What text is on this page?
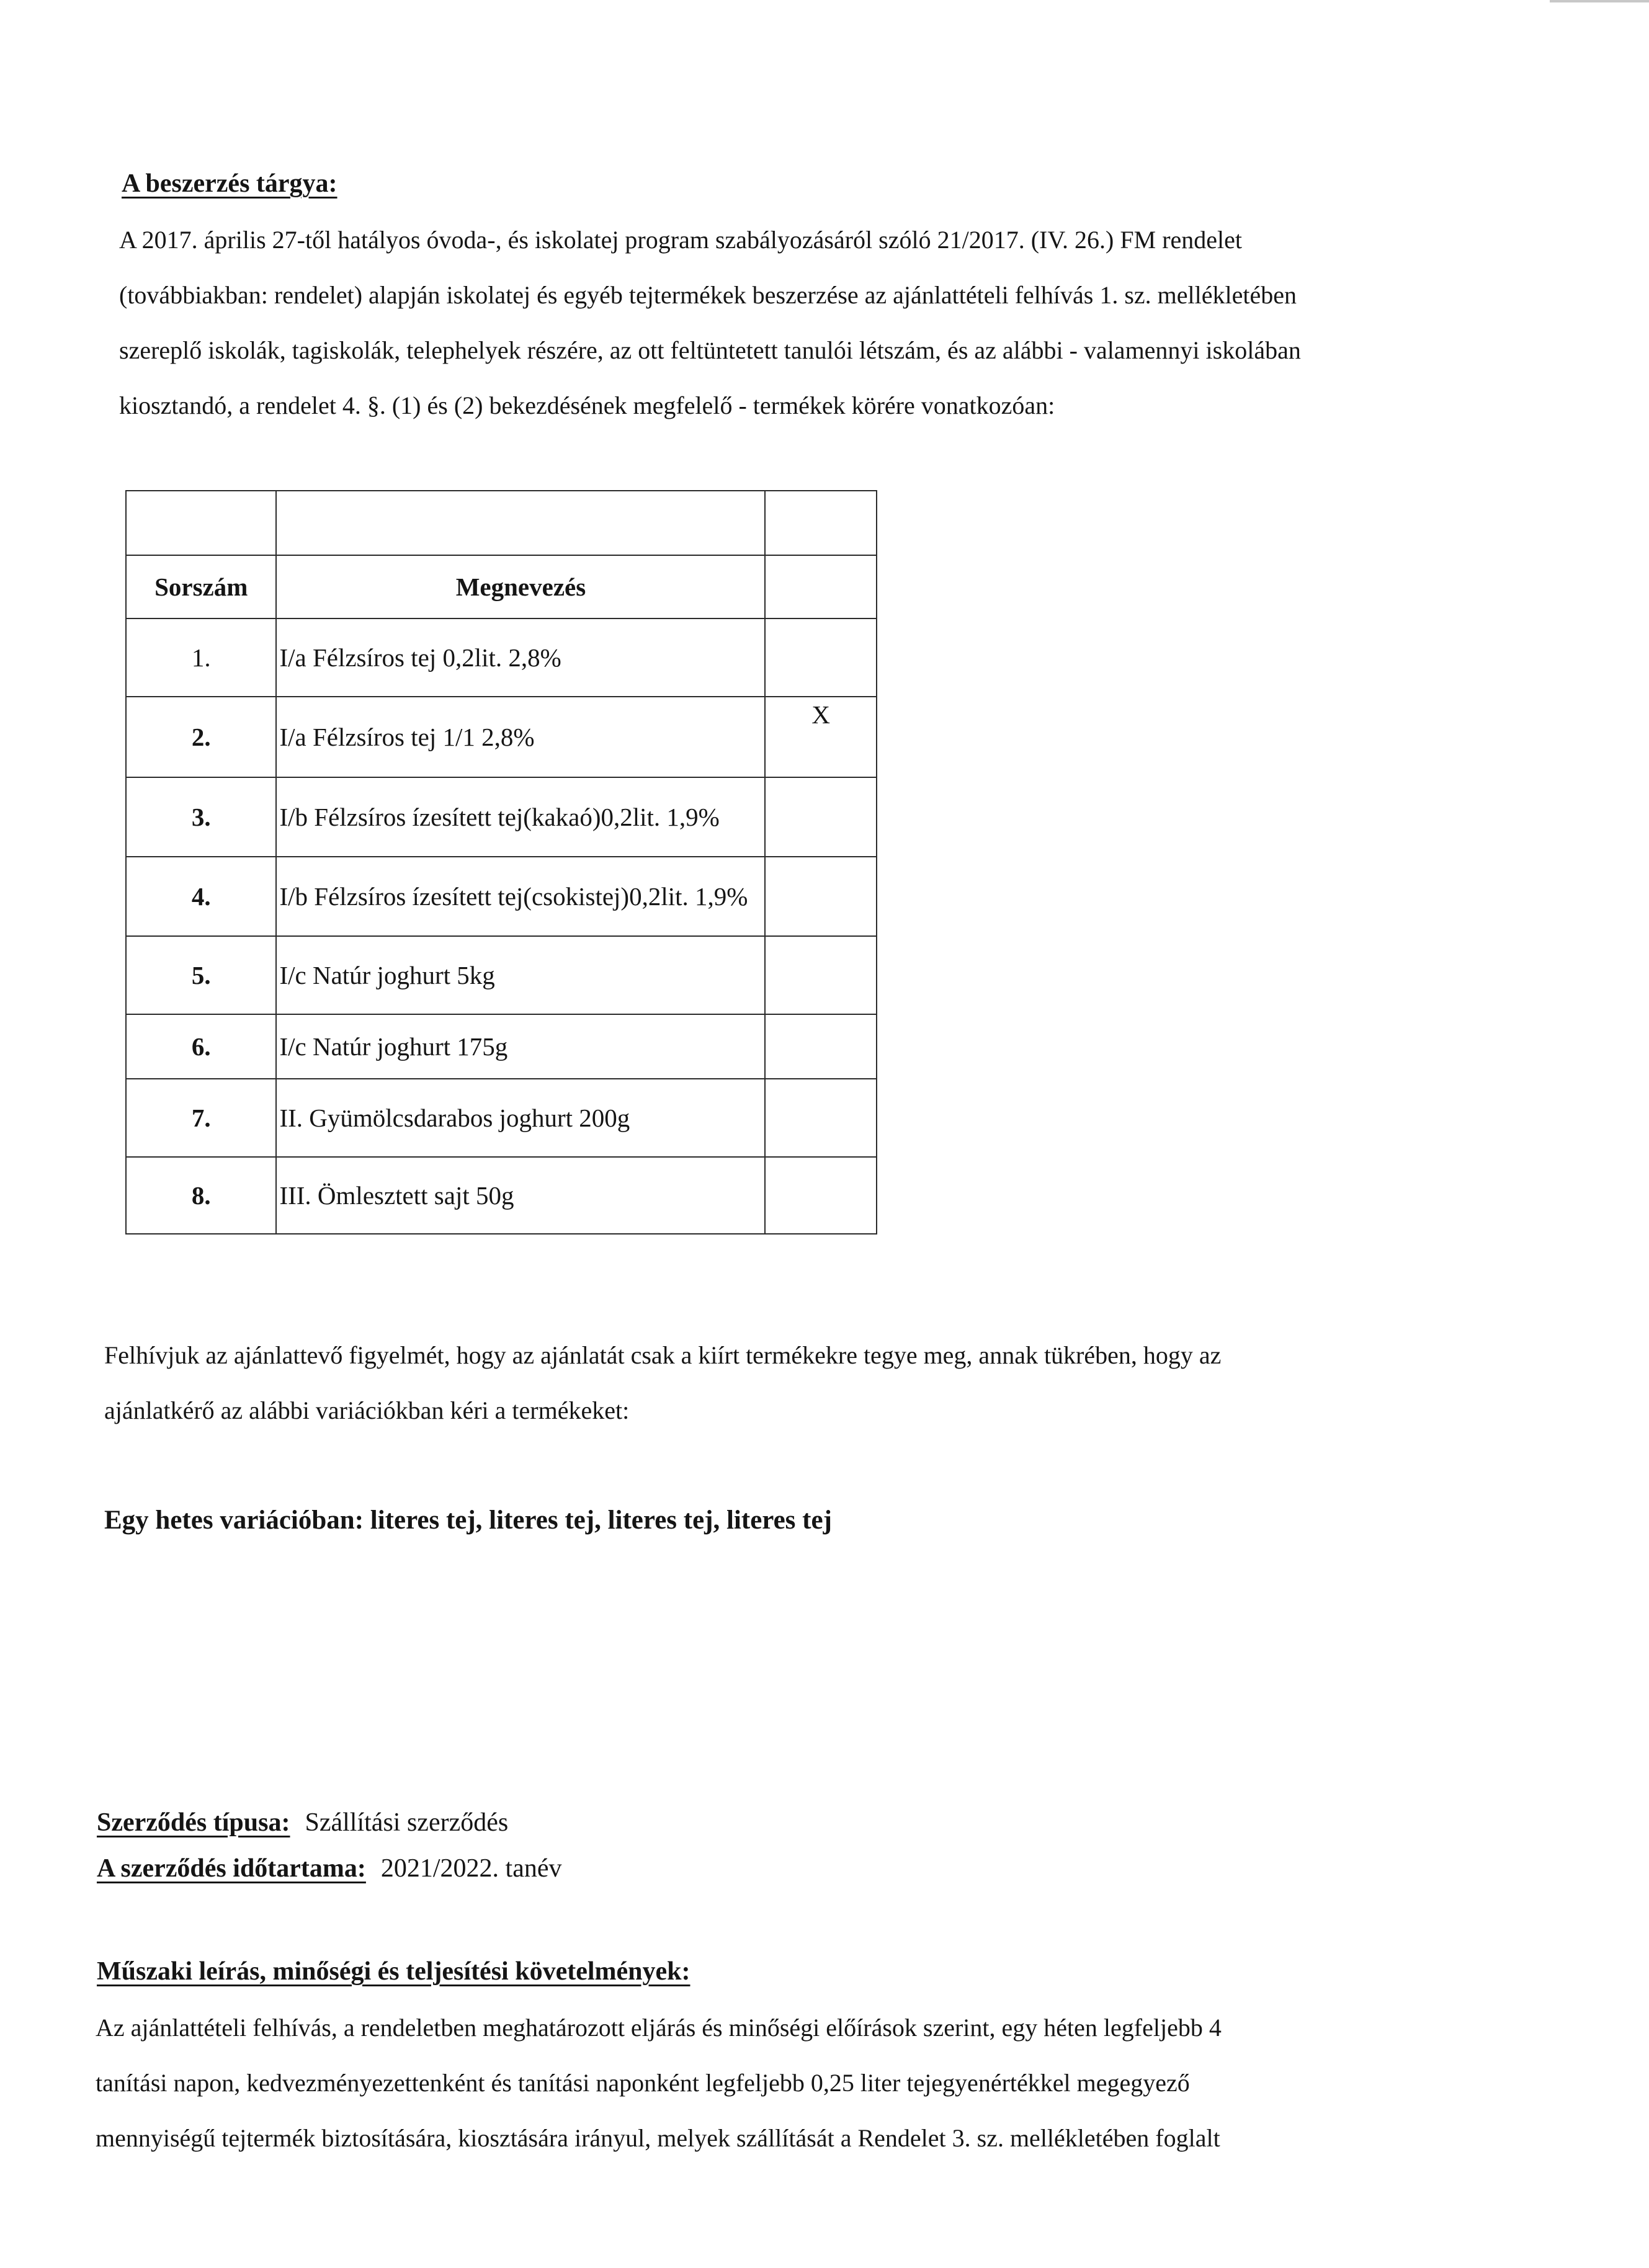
A beszerzés tárgya:
A 2017. április 27-től hatályos óvoda-, és iskolatej program szabályozásáról szóló 21/2017. (IV. 26.) FM rendelet
(továbbiakban: rendelet) alapján iskolatej és egyéb tejtermékek beszerzése az ajánlattételi felhívás 1. sz. mellékletében
szereplő iskolák, tagiskolák, telephelyek részére, az ott feltüntetett tanulói létszám, és az alábbi - valamennyi iskolában
kiosztandó, a rendelet 4. §. (1) és (2) bekezdésének megfelelő - termékek körére vonatkozóan:

Sorszám	Megnevezés	
1.	I/a Félzsíros tej 0,2lit. 2,8%	
2.	I/a Félzsíros tej 1/1 2,8%	X
3.	I/b Félzsíros ízesített tej(kakaó)0,2lit. 1,9%	
4.	I/b Félzsíros ízesített tej(csokistej)0,2lit. 1,9%	
5.	I/c Natúr joghurt 5kg	
6.	I/c Natúr joghurt 175g	
7.	II. Gyümölcsdarabos joghurt 200g	
8.	III. Ömlesztett sajt 50g	
Felhívjuk az ajánlattevő figyelmét, hogy az ajánlatát csak a kiírt termékekre tegye meg, annak tükrében, hogy az
ajánlatkérő az alábbi variációkban kéri a termékeket:
Egy hetes variációban: literes tej, literes tej, literes tej, literes tej
Szerződés típusa: Szállítási szerződés
A szerződés időtartama: 2021/2022. tanév
Műszaki leírás, minőségi és teljesítési követelmények:
Az ajánlattételi felhívás, a rendeletben meghatározott eljárás és minőségi előírások szerint, egy héten legfeljebb 4
tanítási napon, kedvezményezettenként és tanítási naponként legfeljebb 0,25 liter tejegyenértékkel megegyező
mennyiségű tejtermék biztosítására, kiosztására irányul, melyek szállítását a Rendelet 3. sz. mellékletében foglalt
